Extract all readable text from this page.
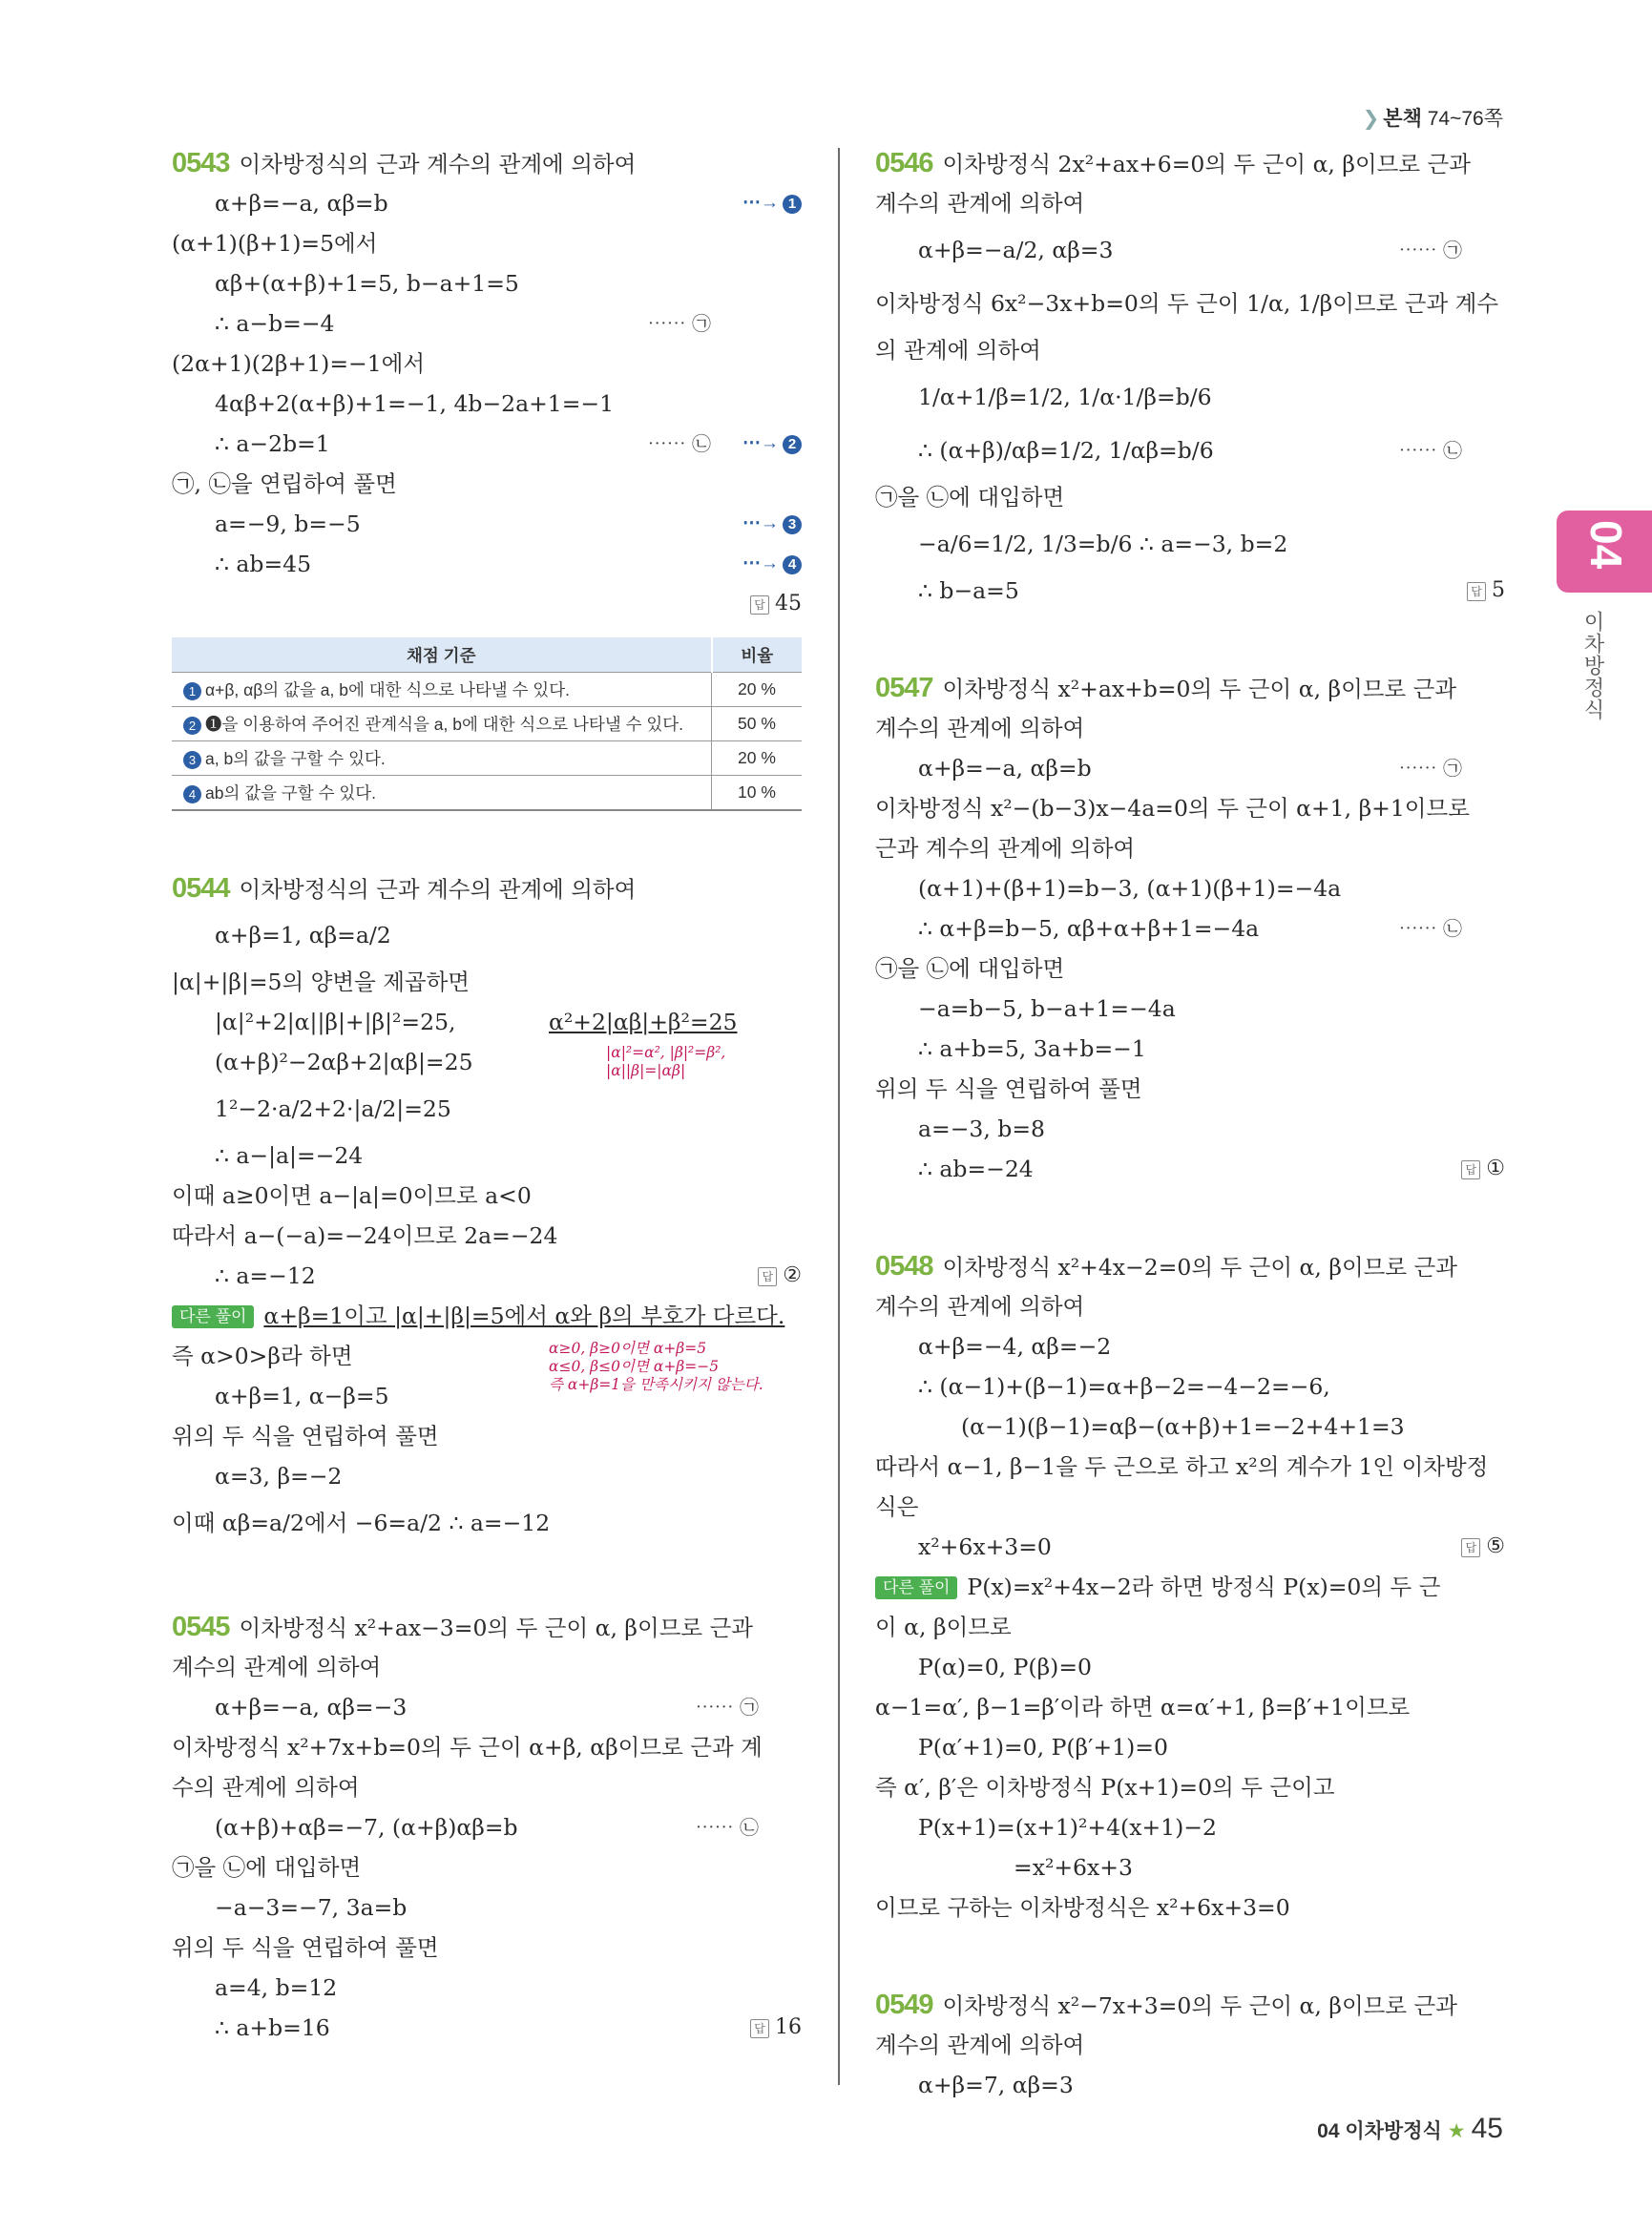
❯ 본책 74~76쪽
0543 이차방정식의 근과 계수의 관계에 의하여
α+β=−a, αβ=b	⋯→ 1
(α+1)(β+1)=5에서
αβ+(α+β)+1=5, b−a+1=5
∴ a−b=−4	⋯⋯ ㉠
(2α+1)(2β+1)=−1에서
4αβ+2(α+β)+1=−1, 4b−2a+1=−1
∴ a−2b=1	⋯⋯ ㉡ ⋯→ 2
㉠, ㉡을 연립하여 풀면
a=−9, b=−5	⋯→ 3
∴ ab=45	⋯→ 4
답 45
채점 기준	비율
1 α+β, αβ의 값을 a, b에 대한 식으로 나타낼 수 있다.	20 %
2 ❶을 이용하여 주어진 관계식을 a, b에 대한 식으로 나타낼 수 있다.	50 %
3 a, b의 값을 구할 수 있다.	20 %
4 ab의 값을 구할 수 있다.	10 %
0544 이차방정식의 근과 계수의 관계에 의하여
α+β=1, αβ=a/2
|α|+|β|=5의 양변을 제곱하면
|α|²+2|α||β|+|β|²=25,	α²+2|αβ|+β²=25
(α+β)²−2αβ+2|αβ|=25	|α|²=α², |β|²=β²,
|α||β|=|αβ|
1²−2·a/2+2·|a/2|=25
∴ a−|a|=−24
이때 a≥0이면 a−|a|=0이므로 a<0
따라서 a−(−a)=−24이므로 2a=−24
∴ a=−12	답 ②
다른 풀이 α+β=1이고 |α|+|β|=5에서 α와 β의 부호가 다르다.
즉 α>0>β라 하면	α≥0, β≥0이면 α+β=5
α≤0, β≤0이면 α+β=−5
즉 α+β=1을 만족시키지 않는다.
α+β=1, α−β=5
위의 두 식을 연립하여 풀면
α=3, β=−2
이때 αβ=a/2에서 −6=a/2 ∴ a=−12
0545 이차방정식 x²+ax−3=0의 두 근이 α, β이므로 근과
계수의 관계에 의하여
α+β=−a, αβ=−3	⋯⋯ ㉠
이차방정식 x²+7x+b=0의 두 근이 α+β, αβ이므로 근과 계
수의 관계에 의하여
(α+β)+αβ=−7, (α+β)αβ=b	⋯⋯ ㉡
㉠을 ㉡에 대입하면
−a−3=−7, 3a=b
위의 두 식을 연립하여 풀면
a=4, b=12
∴ a+b=16	답 16
0546 이차방정식 2x²+ax+6=0의 두 근이 α, β이므로 근과
계수의 관계에 의하여
α+β=−a/2, αβ=3	⋯⋯ ㉠
이차방정식 6x²−3x+b=0의 두 근이 1/α, 1/β이므로 근과 계수
의 관계에 의하여
1/α+1/β=1/2, 1/α·1/β=b/6
∴ (α+β)/αβ=1/2, 1/αβ=b/6	⋯⋯ ㉡
㉠을 ㉡에 대입하면
−a/6=1/2, 1/3=b/6 ∴ a=−3, b=2
∴ b−a=5	답 5
0547 이차방정식 x²+ax+b=0의 두 근이 α, β이므로 근과
계수의 관계에 의하여
α+β=−a, αβ=b	⋯⋯ ㉠
이차방정식 x²−(b−3)x−4a=0의 두 근이 α+1, β+1이므로
근과 계수의 관계에 의하여
(α+1)+(β+1)=b−3, (α+1)(β+1)=−4a
∴ α+β=b−5, αβ+α+β+1=−4a	⋯⋯ ㉡
㉠을 ㉡에 대입하면
−a=b−5, b−a+1=−4a
∴ a+b=5, 3a+b=−1
위의 두 식을 연립하여 풀면
a=−3, b=8
∴ ab=−24	답 ①
0548 이차방정식 x²+4x−2=0의 두 근이 α, β이므로 근과
계수의 관계에 의하여
α+β=−4, αβ=−2
∴ (α−1)+(β−1)=α+β−2=−4−2=−6,
(α−1)(β−1)=αβ−(α+β)+1=−2+4+1=3
따라서 α−1, β−1을 두 근으로 하고 x²의 계수가 1인 이차방정
식은
x²+6x+3=0	답 ⑤
다른 풀이 P(x)=x²+4x−2라 하면 방정식 P(x)=0의 두 근
이 α, β이므로
P(α)=0, P(β)=0
α−1=α′, β−1=β′이라 하면 α=α′+1, β=β′+1이므로
P(α′+1)=0, P(β′+1)=0
즉 α′, β′은 이차방정식 P(x+1)=0의 두 근이고
P(x+1)=(x+1)²+4(x+1)−2
=x²+6x+3
이므로 구하는 이차방정식은 x²+6x+3=0
0549 이차방정식 x²−7x+3=0의 두 근이 α, β이므로 근과
계수의 관계에 의하여
α+β=7, αβ=3
04
이차방정식
04 이차방정식 ★ 45
